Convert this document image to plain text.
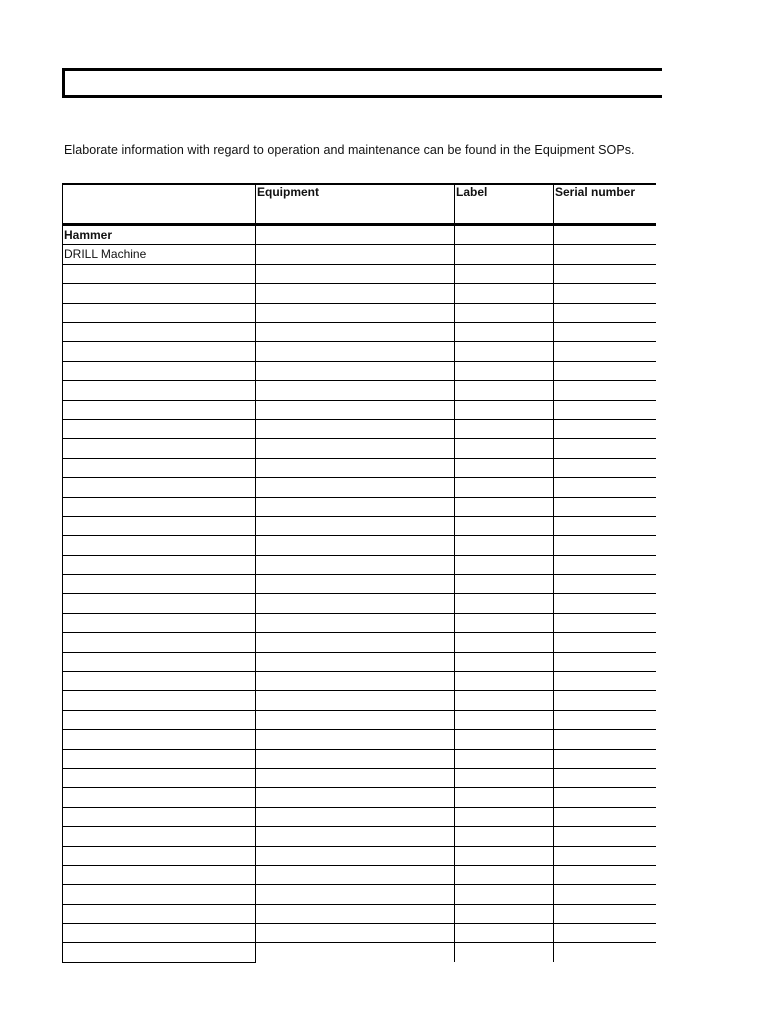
Elaborate information with regard to operation and maintenance can be found in the Equipment SOPs.
	Equipment	Label	Serial number
Hammer			
DRILL Machine			
